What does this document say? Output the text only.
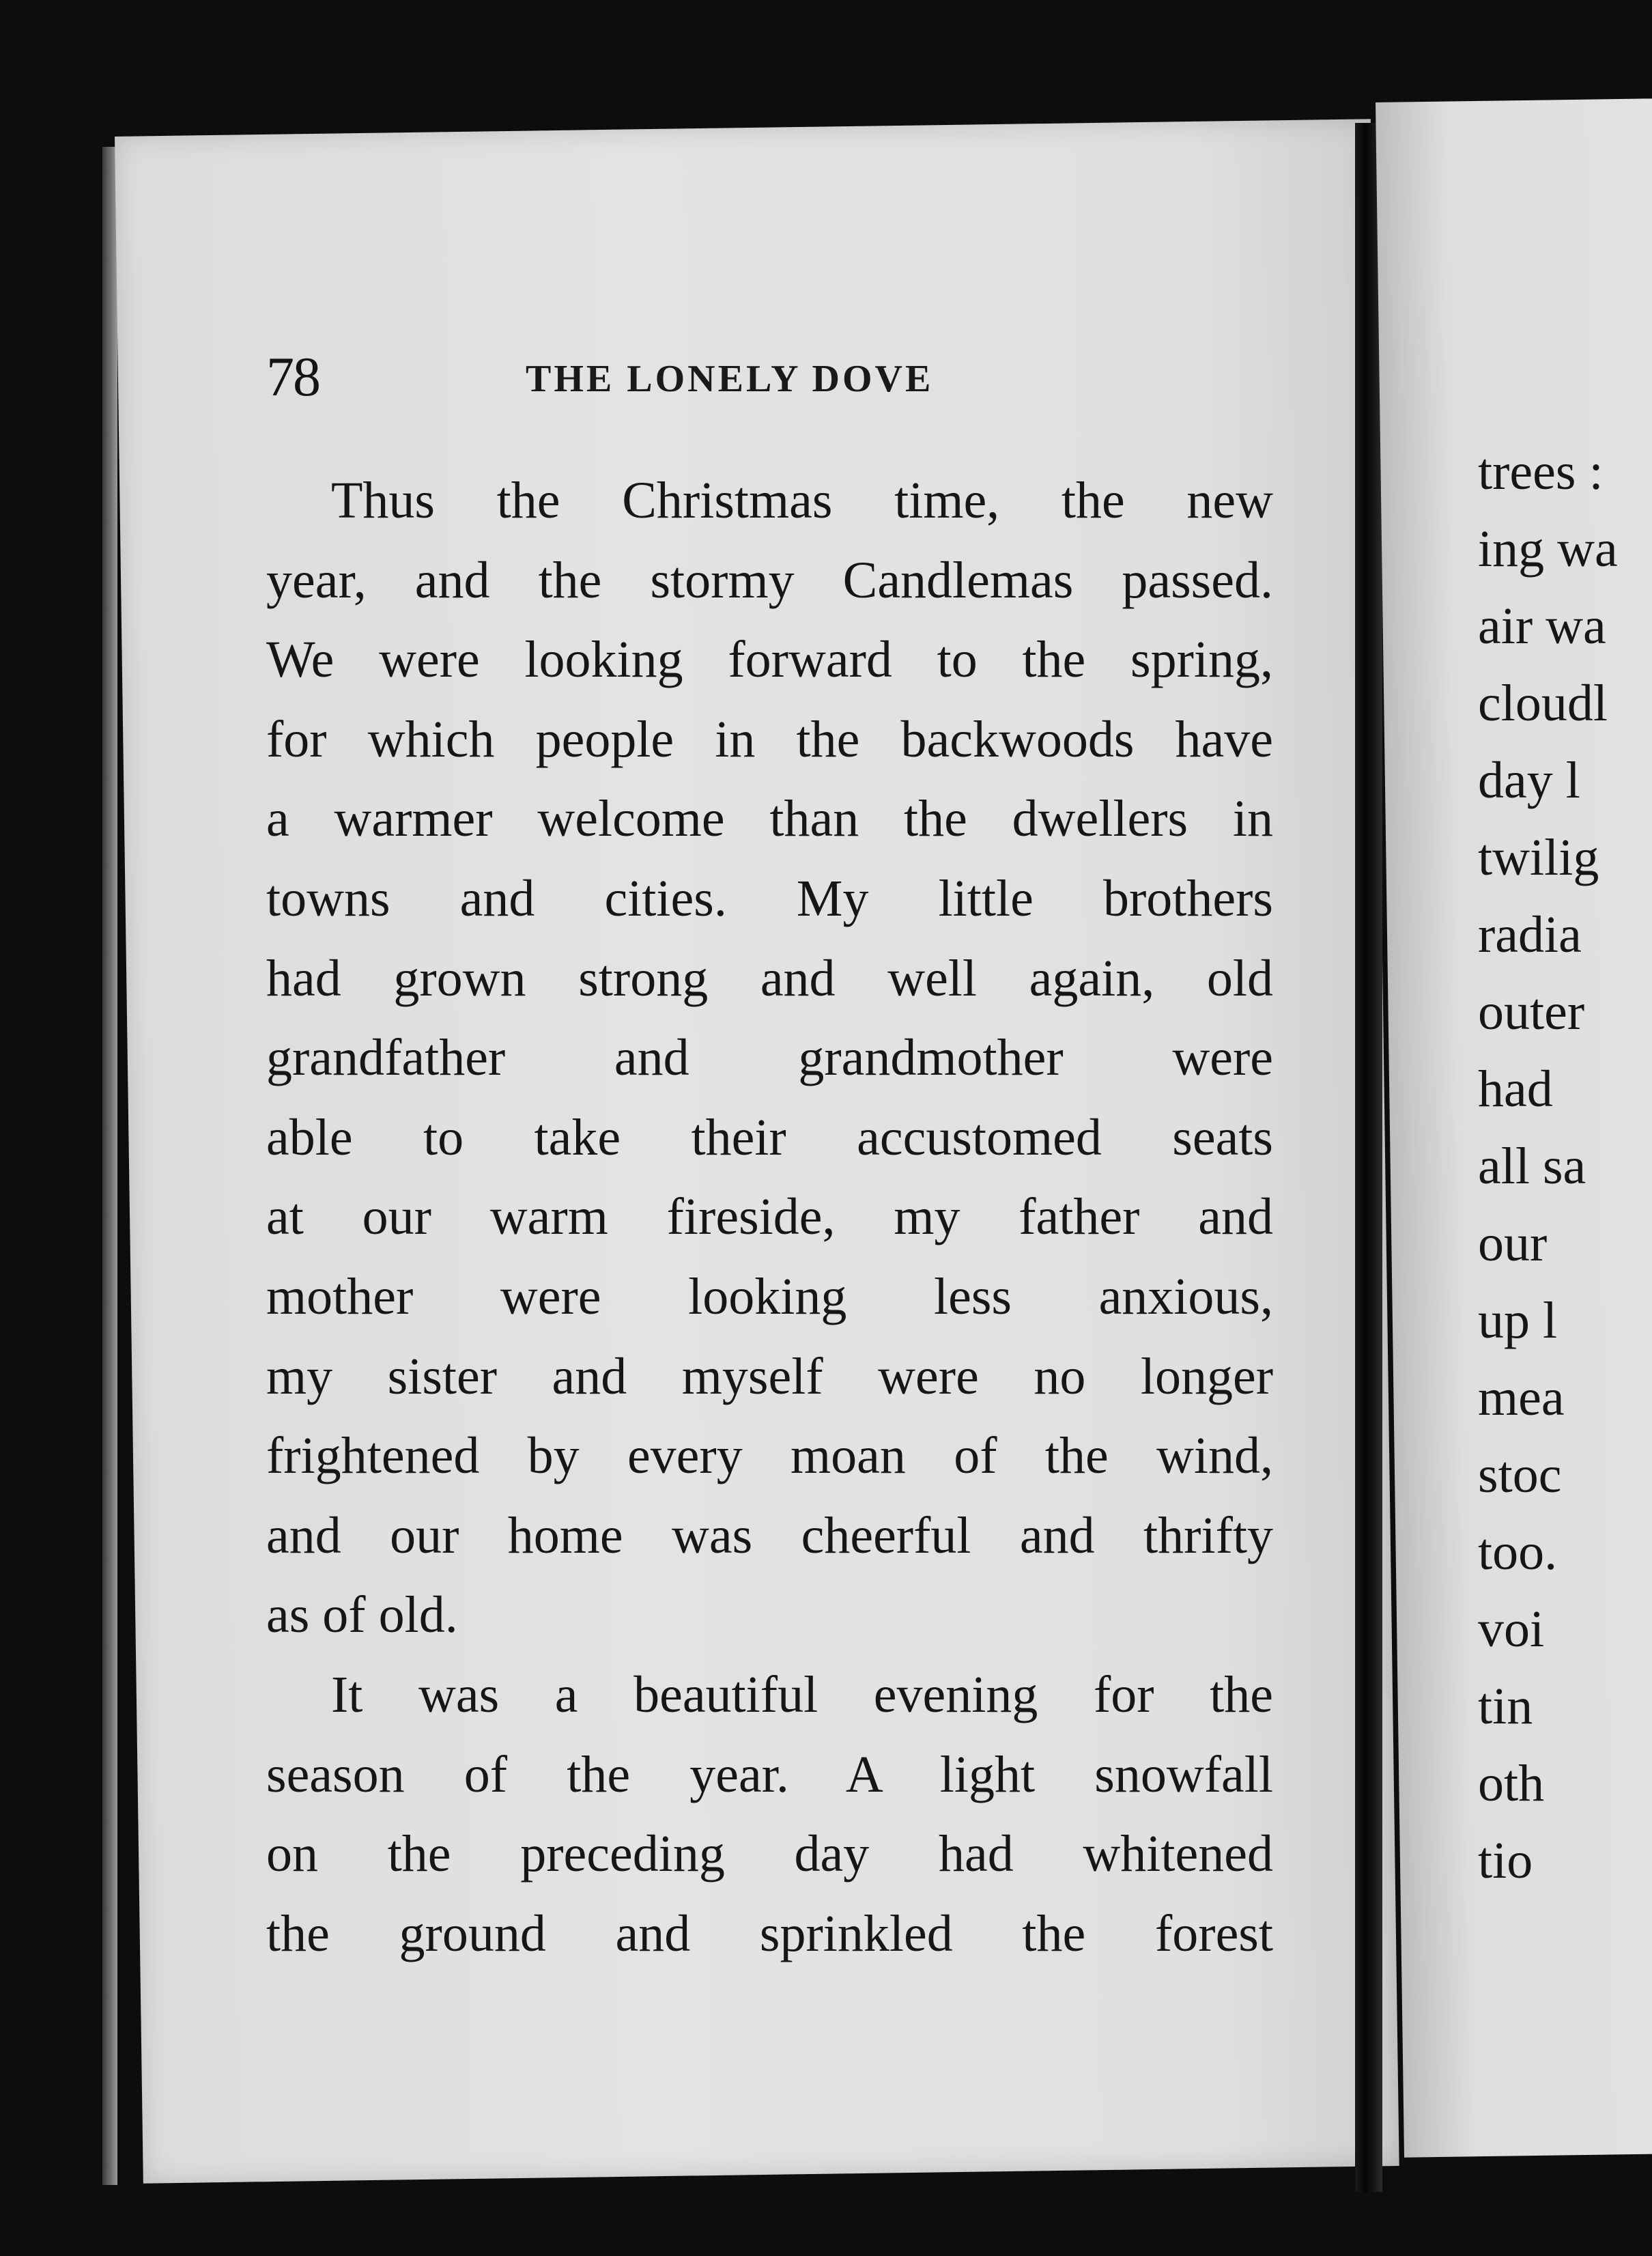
78	THE LONELY DOVE
Thus the Christmas time, the new
year, and the stormy Candlemas passed.
We were looking forward to the spring,
for which people in the backwoods have
a warmer welcome than the dwellers in
towns and cities. My little brothers
had grown strong and well again, old
grandfather and grandmother were
able to take their accustomed seats
at our warm fireside, my father and
mother were looking less anxious,
my sister and myself were no longer
frightened by every moan of the wind,
and our home was cheerful and thrifty
as of old.
It was a beautiful evening for the
season of the year. A light snowfall
on the preceding day had whitened
the ground and sprinkled the forest
trees :
ing wa
air wa
cloudl
day l
twilig
radia
outer
had
all sa
our
up l
mea
stoc
too.
voi
tin
oth
tio
